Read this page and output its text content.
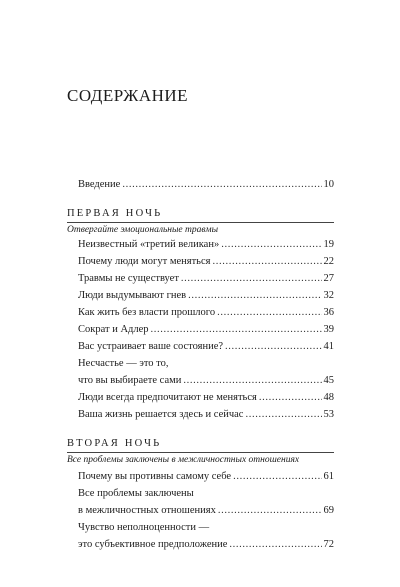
СОДЕРЖАНИЕ
Введение . . .	10
ПЕРВАЯ НОЧЬ
Отвергайте эмоциональные травмы
Неизвестный «третий великан» . . .	19
Почему люди могут меняться . . .	22
Травмы не существует . . .	27
Люди выдумывают гнев . . .	32
Как жить без власти прошлого . . .	36
Сократ и Адлер . . .	39
Вас устраивает ваше состояние? . . .	41
Несчастье — это то,
что вы выбираете сами . . .	45
Люди всегда предпочитают не меняться . . .	48
Ваша жизнь решается здесь и сейчас . . .	53
ВТОРАЯ НОЧЬ
Все проблемы заключены в межличностных отношениях
Почему вы противны самому себе . . .	61
Все проблемы заключены
в межличностных отношениях . . .	69
Чувство неполноценности —
это субъективное предположение . . .	72
